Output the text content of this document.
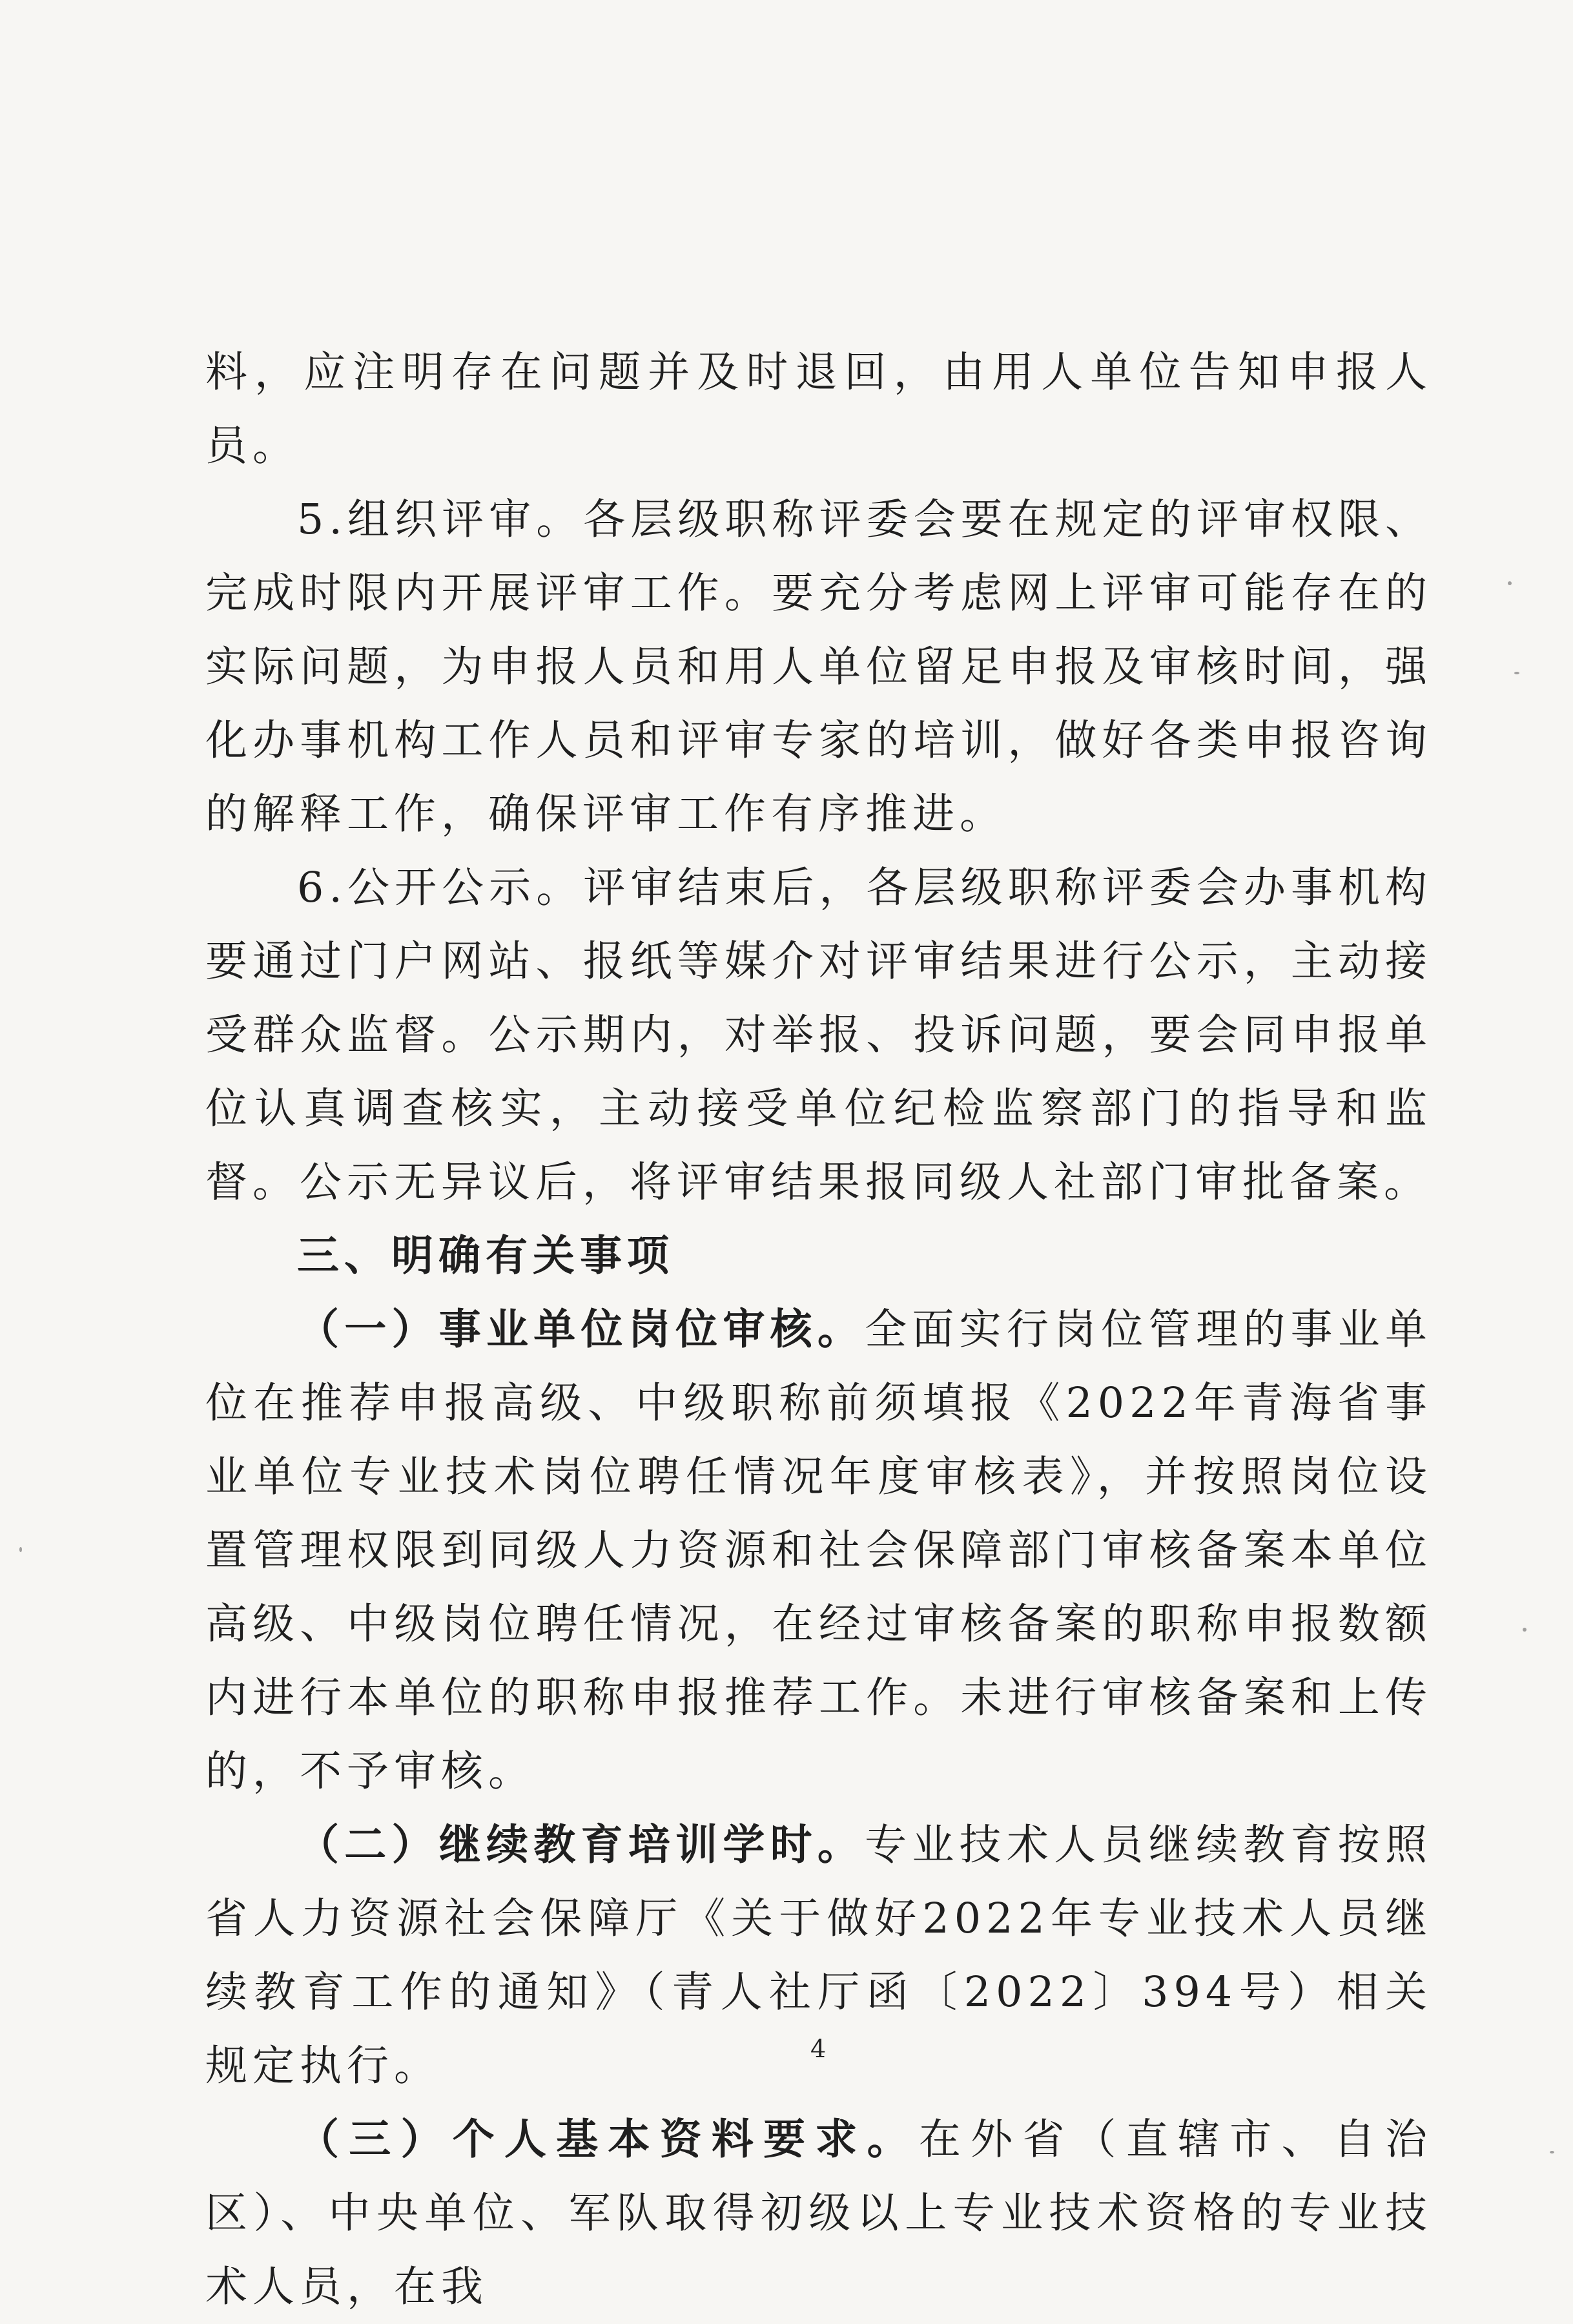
料，应注明存在问题并及时退回，由用人单位告知申报人员。

5.组织评审。各层级职称评委会要在规定的评审权限、完成时限内开展评审工作。要充分考虑网上评审可能存在的实际问题，为申报人员和用人单位留足申报及审核时间，强化办事机构工作人员和评审专家的培训，做好各类申报咨询的解释工作，确保评审工作有序推进。

6.公开公示。评审结束后，各层级职称评委会办事机构要通过门户网站、报纸等媒介对评审结果进行公示，主动接受群众监督。公示期内，对举报、投诉问题，要会同申报单位认真调查核实，主动接受单位纪检监察部门的指导和监督。公示无异议后，将评审结果报同级人社部门审批备案。

三、明确有关事项

（一）事业单位岗位审核。全面实行岗位管理的事业单位在推荐申报高级、中级职称前须填报《2022年青海省事业单位专业技术岗位聘任情况年度审核表》，并按照岗位设置管理权限到同级人力资源和社会保障部门审核备案本单位高级、中级岗位聘任情况，在经过审核备案的职称申报数额内进行本单位的职称申报推荐工作。未进行审核备案和上传的，不予审核。

（二）继续教育培训学时。专业技术人员继续教育按照省人力资源社会保障厅《关于做好2022年专业技术人员继续教育工作的通知》（青人社厅函〔2022〕394号）相关规定执行。

（三）个人基本资料要求。在外省（直辖市、自治区）、中央单位、军队取得初级以上专业技术资格的专业技术人员，在我

4
